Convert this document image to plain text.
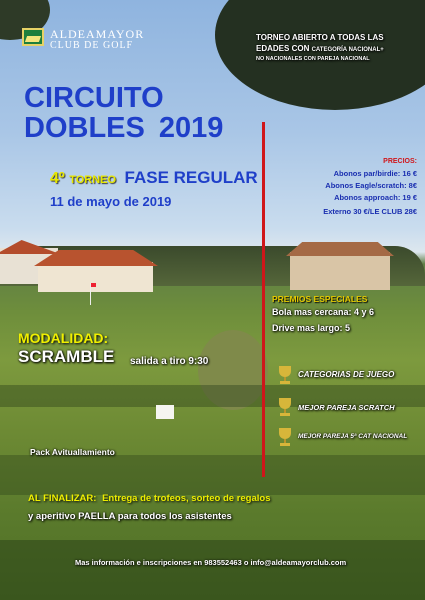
ALDEAMAYOR
CLUB DE GOLF
TORNEO ABIERTO A TODAS LAS
EDADES CON CATEGORÍA NACIONAL+
NO NACIONALES CON PAREJA NACIONAL
CIRCUITO
DOBLES 2019
4º TORNEO FASE REGULAR
11 de mayo de 2019
PRECIOS:
Abonos par/birdie: 16 €
Abonos Eagle/scratch: 8€
Abonos approach: 19 €
Externo 30 €/LE CLUB 28€
PREMIOS ESPECIALES
Bola mas cercana: 4 y 6
Drive mas largo: 5
MODALIDAD:
SCRAMBLE salida a tiro 9:30
CATEGORIAS DE JUEGO
MEJOR PAREJA SCRATCH
MEJOR PAREJA 5ª CAT NACIONAL
Pack Avituallamiento
AL FINALIZAR: Entrega de trofeos, sorteo de regalos
y aperitivo PAELLA para todos los asistentes
Mas información e inscripciones en 983552463 o info@aldeamayorclub.com
